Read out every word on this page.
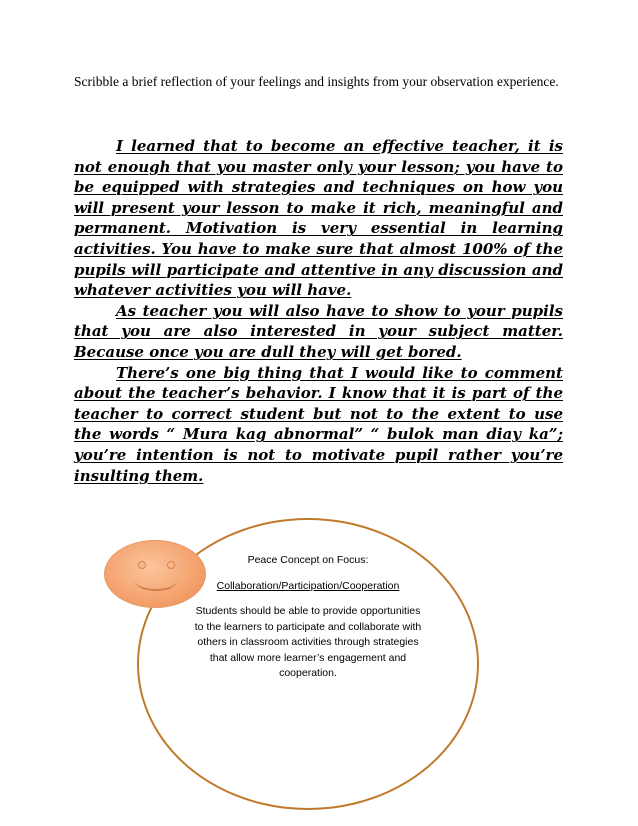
Scribble a brief reflection of your feelings and insights from your observation experience.

I learned that to become an effective teacher, it is not enough that you master only your lesson; you have to be equipped with strategies and techniques on how you will present your lesson to make it rich, meaningful and permanent. Motivation is very essential in learning activities. You have to make sure that almost 100% of the pupils will participate and attentive in any discussion and whatever activities you will have.

As teacher you will also have to show to your pupils that you are also interested in your subject matter. Because once you are dull they will get bored.

There’s one big thing that I would like to comment about the teacher’s behavior. I know that it is part of the teacher to correct student but not to the extent to use the words “ Mura kag abnormal” “ bulok man diay ka”; you’re intention is not to motivate pupil rather you’re insulting them.

Peace Concept on Focus:
Collaboration/Participation/Cooperation
Students should be able to provide opportunities to the learners to participate and collaborate with others in classroom activities through strategies that allow more learner’s engagement and cooperation.
